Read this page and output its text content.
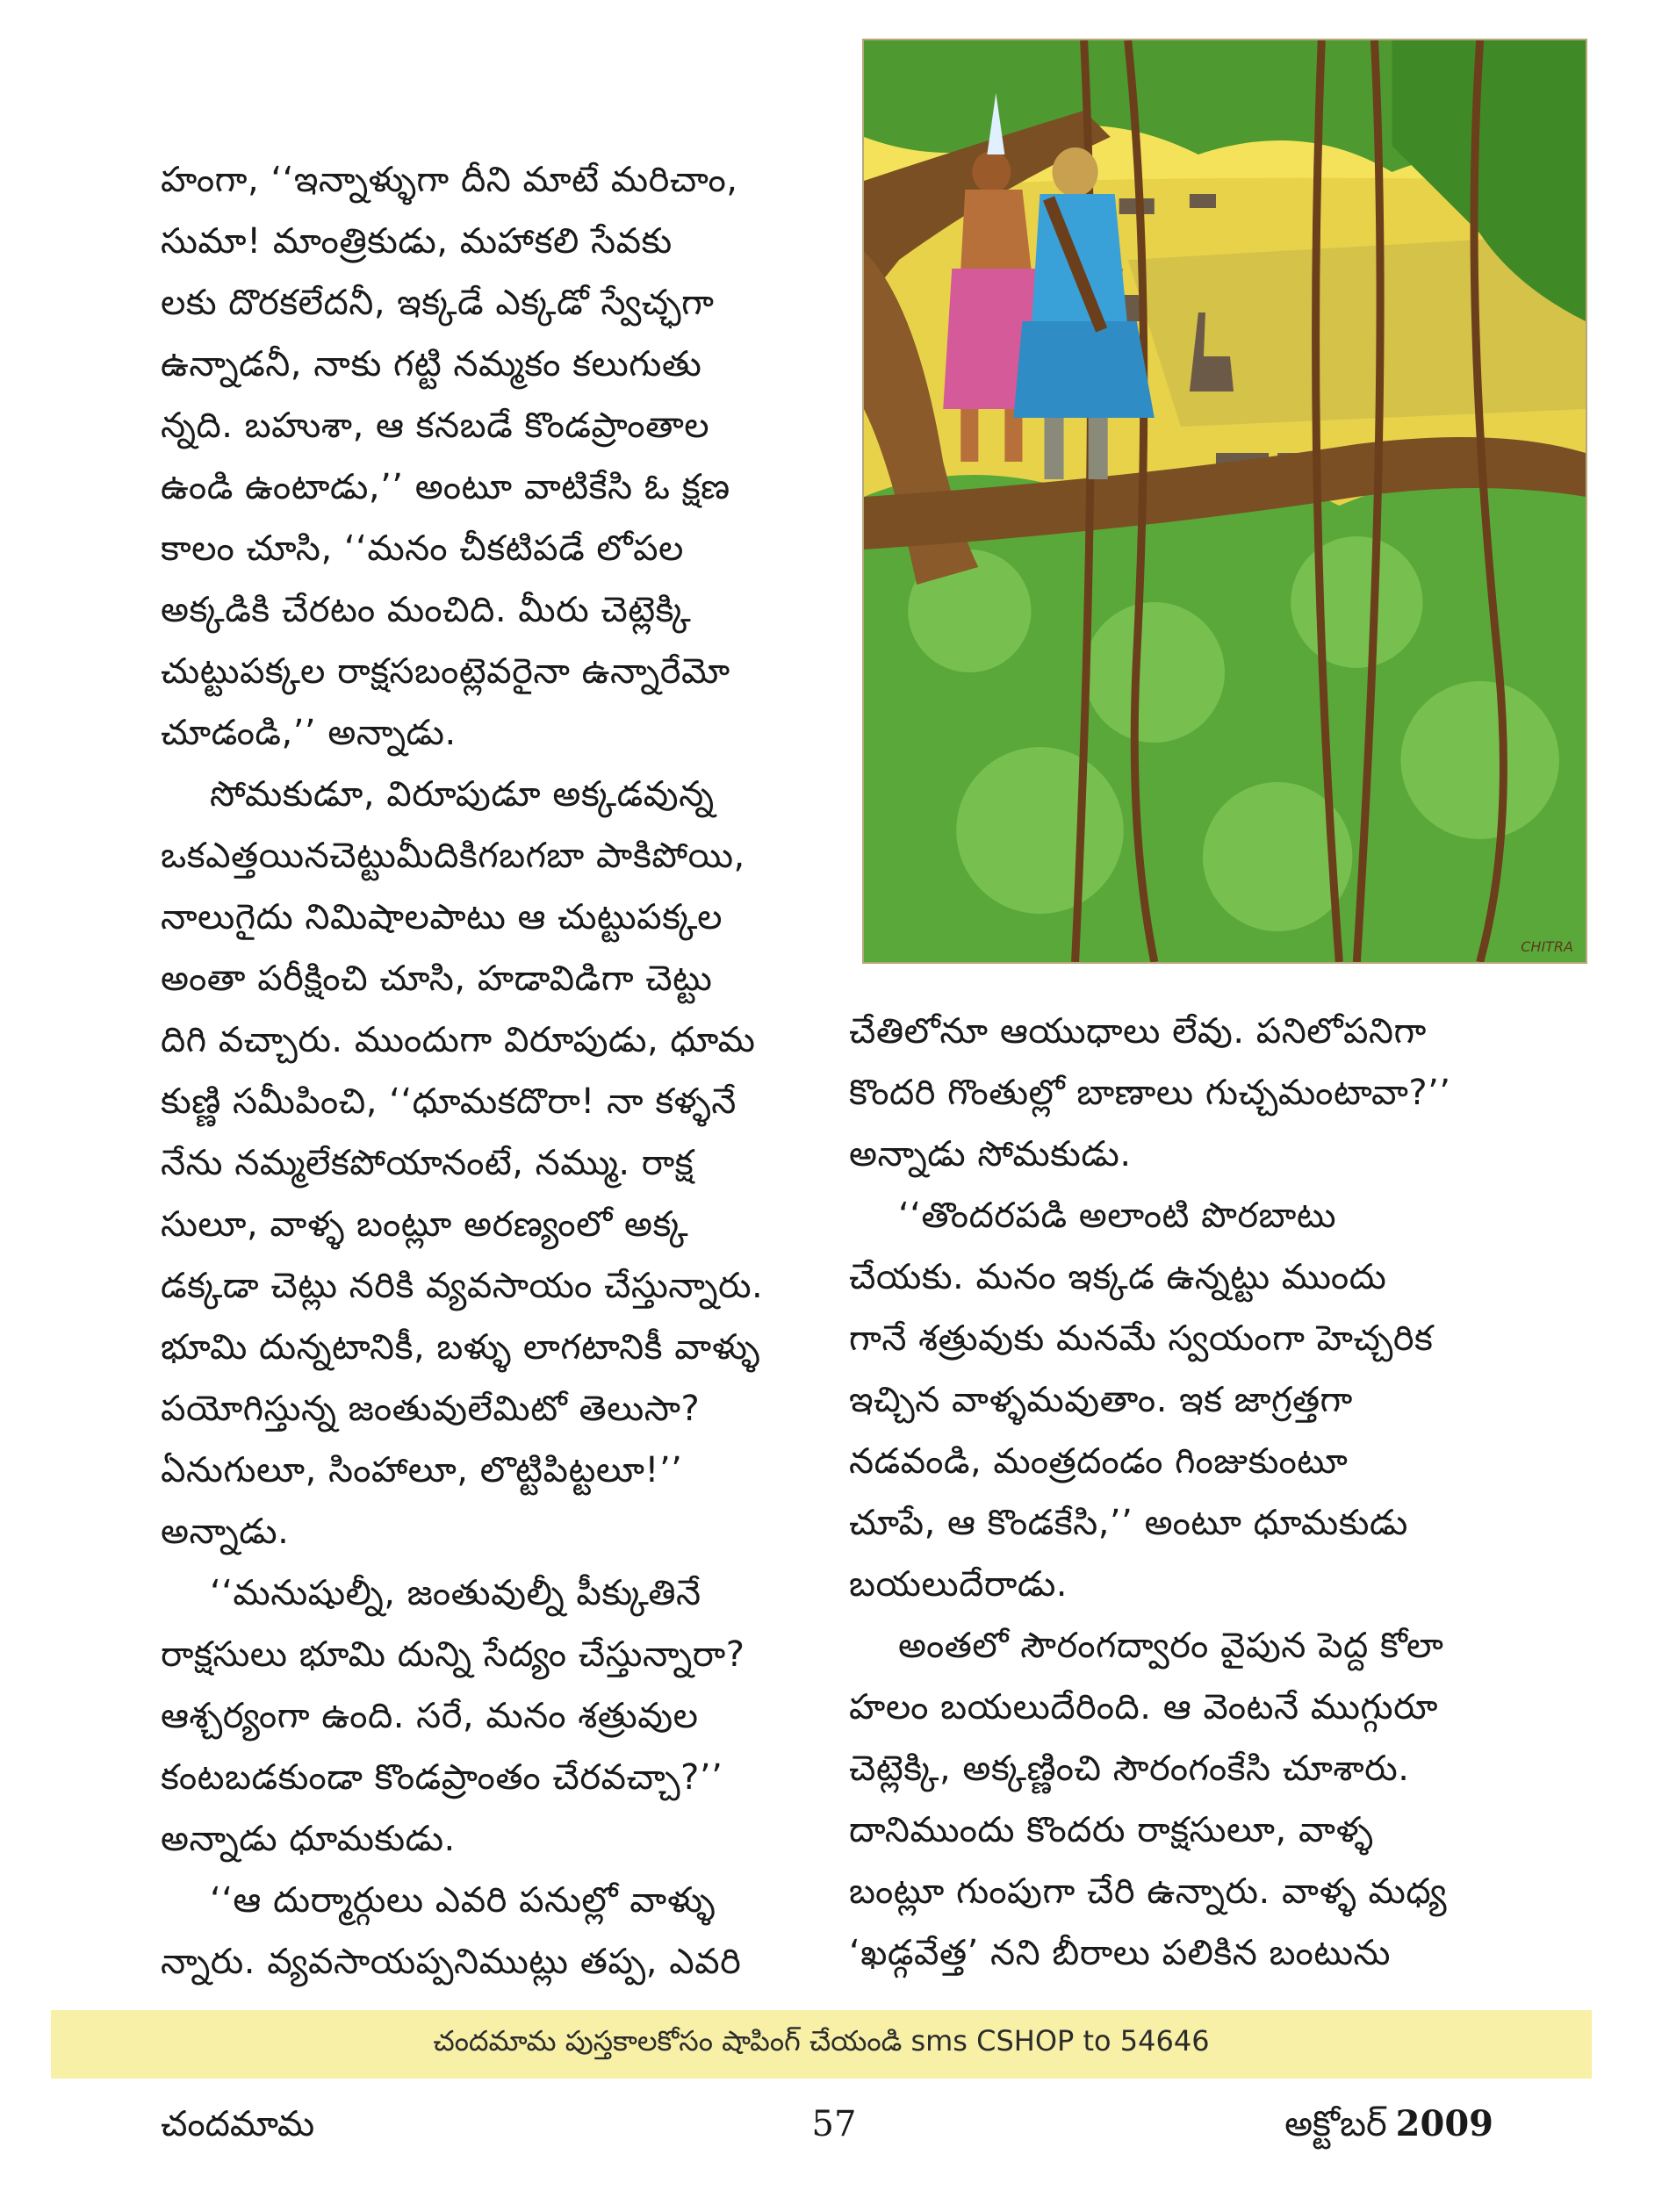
హంగా, ‘‘ఇన్నాళ్ళుగా దీని మాటే మరిచాం,
సుమా! మాంత్రికుడు, మహాకలి సేవకు
లకు దొరకలేదనీ, ఇక్కడే ఎక్కడో స్వేచ్ఛగా
ఉన్నాడనీ, నాకు గట్టి నమ్మకం కలుగుతు
న్నది. బహుశా, ఆ కనబడే కొండప్రాంతాల
ఉండి ఉంటాడు,’’ అంటూ వాటికేసి ఓ క్షణ
కాలం చూసి, ‘‘మనం చీకటిపడే లోపల
అక్కడికి చేరటం మంచిది. మీరు చెట్లెక్కి
చుట్టుపక్కల రాక్షసబంట్లెవరైనా ఉన్నారేమో
చూడండి,’’ అన్నాడు.
సోమకుడూ, విరూపుడూ అక్కడవున్న
ఒకఎత్తయినచెట్టుమీదికిగబగబా పాకిపోయి,
నాలుగైదు నిమిషాలపాటు ఆ చుట్టుపక్కల
అంతా పరీక్షించి చూసి, హడావిడిగా చెట్టు
దిగి వచ్చారు. ముందుగా విరూపుడు, ధూమ
కుణ్ణి సమీపించి, ‘‘ధూమకదొరా! నా కళ్ళనే
నేను నమ్మలేకపోయానంటే, నమ్ము. రాక్ష
సులూ, వాళ్ళ బంట్లూ అరణ్యంలో అక్క
డక్కడా చెట్లు నరికి వ్యవసాయం చేస్తున్నారు.
భూమి దున్నటానికీ, బళ్ళు లాగటానికీ వాళ్ళు
పయోగిస్తున్న జంతువులేమిటో తెలుసా?
ఏనుగులూ, సింహాలూ, లొట్టిపిట్టలూ!’’
అన్నాడు.
‘‘మనుషుల్నీ, జంతువుల్నీ పీక్కుతినే
రాక్షసులు భూమి దున్ని సేద్యం చేస్తున్నారా?
ఆశ్చర్యంగా ఉంది. సరే, మనం శత్రువుల
కంటబడకుండా కొండప్రాంతం చేరవచ్చా?’’
అన్నాడు ధూమకుడు.
‘‘ఆ దుర్మార్గులు ఎవరి పనుల్లో వాళ్ళు
న్నారు. వ్యవసాయప్పనిముట్లు తప్ప, ఎవరి
CHITRA
చేతిలోనూ ఆయుధాలు లేవు. పనిలోపనిగా
కొందరి గొంతుల్లో బాణాలు గుచ్చమంటావా?’’
అన్నాడు సోమకుడు.
‘‘తొందరపడి అలాంటి పొరబాటు
చేయకు. మనం ఇక్కడ ఉన్నట్టు ముందు
గానే శత్రువుకు మనమే స్వయంగా హెచ్చరిక
ఇచ్చిన వాళ్ళమవుతాం. ఇక జాగ్రత్తగా
నడవండి, మంత్రదండం గింజుకుంటూ
చూపే, ఆ కొండకేసి,’’ అంటూ ధూమకుడు
బయలుదేరాడు.
అంతలో సౌరంగద్వారం వైపున పెద్ద కోలా
హలం బయలుదేరింది. ఆ వెంటనే ముగ్గురూ
చెట్లెక్కి, అక్కణ్ణించి సౌరంగంకేసి చూశారు.
దానిముందు కొందరు రాక్షసులూ, వాళ్ళ
బంట్లూ గుంపుగా చేరి ఉన్నారు. వాళ్ళ మధ్య
‘ఖడ్గవేత్త’ నని బీరాలు పలికిన బంటును
చందమామ పుస్తకాలకోసం షాపింగ్ చేయండి sms CSHOP to 54646
చందమామ	57	అక్టోబర్ 2009
